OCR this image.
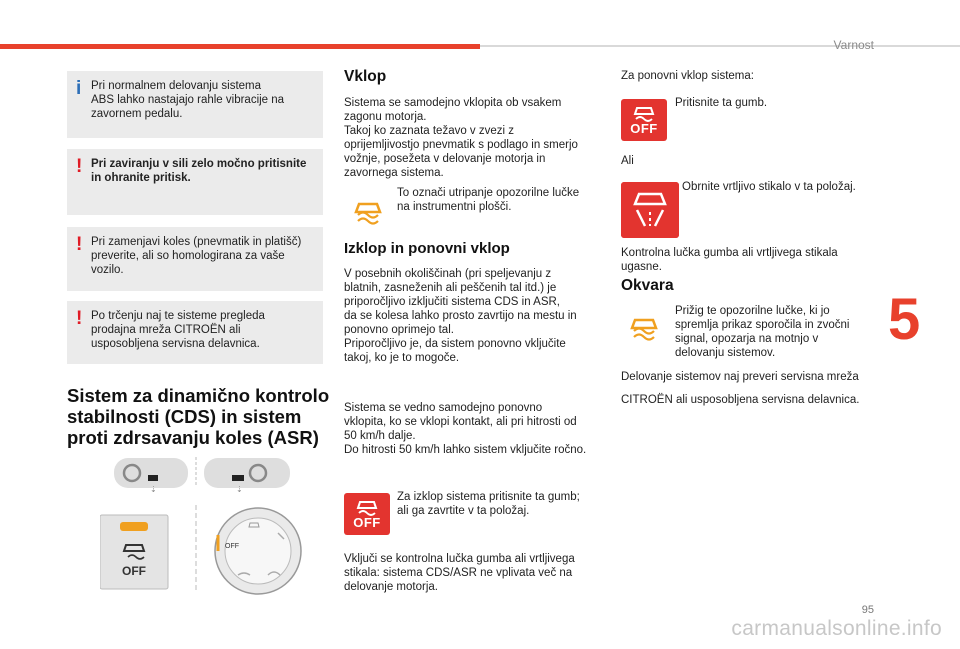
Varnost
i Pri normalnem delovanju sistema
ABS lahko nastajajo rahle vibracije na
zavornem pedalu.

! Pri zaviranju v sili zelo močno pritisnite
in ohranite pritisk.

! Pri zamenjavi koles (pnevmatik in platišč)
preverite, ali so homologirana za vaše
vozilo.

! Po trčenju naj te sisteme pregleda
prodajna mreža CITROËN ali
usposobljena servisna delavnica.

Sistem za dinamično kontrolo
stabilnosti (CDS) in sistem
proti zdrsavanju koles (ASR)
⇣	⇣
OFF
OFF
Vklop
Sistema se samodejno vklopita ob vsakem
zagonu motorja.
Takoj ko zaznata težavo v zvezi z
oprijemljivostjo pnevmatik s podlago in smerjo
vožnje, posežeta v delovanje motorja in
zavornega sistema.
To označi utripanje opozorilne lučke
na instrumentni plošči.
Izklop in ponovni vklop
V posebnih okoliščinah (pri speljevanju z
blatnih, zasneženih ali peščenih tal itd.) je
priporočljivo izključiti sistema CDS in ASR,
da se kolesa lahko prosto zavrtijo na mestu in
ponovno oprimejo tal.
Priporočljivo je, da sistem ponovno vključite
takoj, ko je to mogoče.
Sistema se vedno samodejno ponovno
vklopita, ko se vklopi kontakt, ali pri hitrosti od
50 km/h dalje.
Do hitrosti 50 km/h lahko sistem vključite ročno.
OFF
Za izklop sistema pritisnite ta gumb;
ali ga zavrtite v ta položaj.
Vključi se kontrolna lučka gumba ali vrtljivega
stikala: sistema CDS/ASR ne vplivata več na
delovanje motorja.
Za ponovni vklop sistema:
OFF
Pritisnite ta gumb.
Ali
Obrnite vrtljivo stikalo v ta položaj.
Kontrolna lučka gumba ali vrtljivega stikala
ugasne.
Okvara
Prižig te opozorilne lučke, ki jo
spremlja prikaz sporočila in zvočni
signal, opozarja na motnjo v
delovanju sistemov.
Delovanje sistemov naj preveri servisna mreža
CITROËN ali usposobljena servisna delavnica.
5
95
carmanualsonline.info
